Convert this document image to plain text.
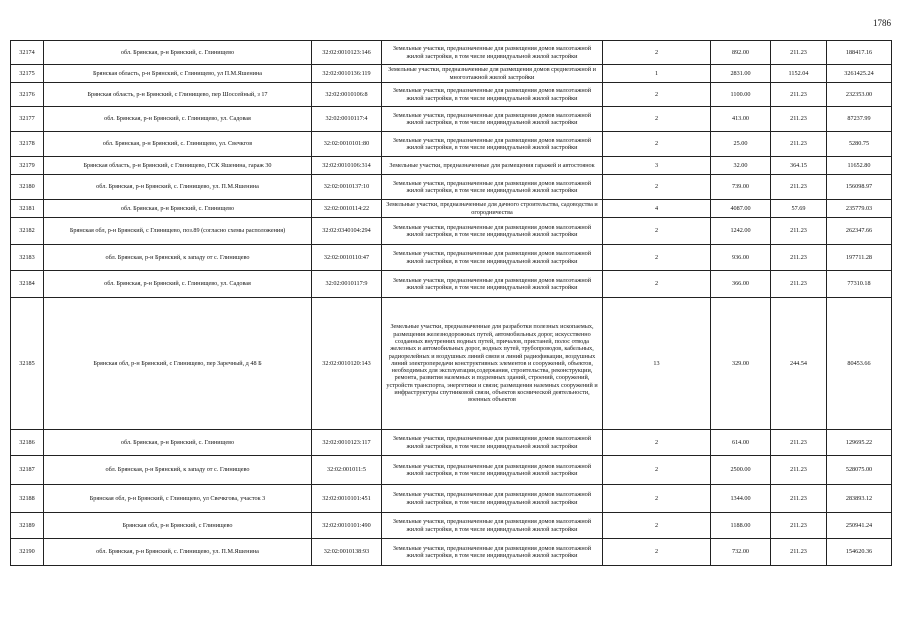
1786
32174	обл. Брянская, р-н Брянский, с. Глинищево	32:02:0010123:146	Земельные участки, предназначенные для размещения домов малоэтажной жилой застройки, в том числе индивидуальной жилой застройки	2	892.00	211.23	188417.16
32175	Брянская область, р-н Брянский, с Глинищево, ул П.М.Яшенина	32:02:0010136:119	Земельные участки, предназначенные для размещения домов среднеэтажной и многоэтажной жилой застройки	1	2831.00	1152.04	3261425.24
32176	Брянская область, р-н Брянский, с Глинищево, пер Шоссейный, з 17	32:02:0010106:8	Земельные участки, предназначенные для размещения домов малоэтажной жилой застройки, в том числе индивидуальной жилой застройки	2	1100.00	211.23	232353.00
32177	обл. Брянская, р-н Брянский, с. Глинищево, ул. Садовая	32:02:0010117:4	Земельные участки, предназначенные для размещения домов малоэтажной жилой застройки, в том числе индивидуальной жилой застройки	2	413.00	211.23	87237.99
32178	обл. Брянская, р-н Брянский, с. Глинищево, ул. Свечкгов	32:02:0010101:80	Земельные участки, предназначенные для размещения домов малоэтажной жилой застройки, в том числе индивидуальной жилой застройки	2	25.00	211.23	5280.75
32179	Брянская область, р-н Брянский, с Глинищево, ГСК Яшенина, гараж 30	32:02:0010106:314	Земельные участки, предназначенные для размещения гаражей и автостоянок	3	32.00	364.15	11652.80
32180	обл. Брянская, р-н Брянский, с. Глинищево, ул. П.М.Яшенина	32:02:0010137:10	Земельные участки, предназначенные для размещения домов малоэтажной жилой застройки, в том числе индивидуальной жилой застройки	2	739.00	211.23	156098.97
32181	обл. Брянская, р-н Брянский, с. Глинищево	32:02:0010114:22	Земельные участки, предназначенные для дачного строительства, садоводства и огородничества	4	4087.00	57.69	235779.03
32182	Брянская обл, р-н Брянский, с Глинищево, поз.89 (согласно схемы расположения)	32:02:0340104:294	Земельные участки, предназначенные для размещения домов малоэтажной жилой застройки, в том числе индивидуальной жилой застройки	2	1242.00	211.23	262347.66
32183	обл. Брянская, р-н Брянский, к западу от с. Глинищево	32:02:0010110:47	Земельные участки, предназначенные для размещения домов малоэтажной жилой застройки, в том числе индивидуальной жилой застройки	2	936.00	211.23	197711.28
32184	обл. Брянская, р-н Брянский, с. Глинищево, ул. Садовая	32:02:0010117:9	Земельные участки, предназначенные для размещения домов малоэтажной жилой застройки, в том числе индивидуальной жилой застройки	2	366.00	211.23	77310.18
32185	Брянская обл, р-н Брянский, с Глинищево, пер Заречный, д 48 Б	32:02:0010120:143	Земельные участки, предназначенные для разработки полезных ископаемых, размещения железнодорожных путей, автомобильных дорог, искусственно созданных внутренних водных путей, причалов, пристаней, полос отвода железных и автомобильных дорог, водных путей, трубопроводов, кабельных, радиорелейных и воздушных линий связи и линий радиофикации, воздушных линий электропередачи конструктивных элементов и сооружений, объектов, необходимых для эксплуатации,содержания, строительства, реконструкции, ремонта, развития наземных и подземных зданий, строений, сооружений, устройств транспорта, энергетики и связи; размещения наземных сооружений и инфраструктуры спутниковой связи, объектов космической деятельности, военных объектов	13	329.00	244.54	80453.66
32186	обл. Брянская, р-н Брянский, с. Глинищево	32:02:0010123:117	Земельные участки, предназначенные для размещения домов малоэтажной жилой застройки, в том числе индивидуальной жилой застройки	2	614.00	211.23	129695.22
32187	обл. Брянская, р-н Брянский, к западу от с. Глинищево	32:02:001011:5	Земельные участки, предназначенные для размещения домов малоэтажной жилой застройки, в том числе индивидуальной жилой застройки	2	2500.00	211.23	528075.00
32188	Брянская обл, р-н Брянский, с Глинищево, ул Свечкгова, участок 3	32:02:0010101:451	Земельные участки, предназначенные для размещения домов малоэтажной жилой застройки, в том числе индивидуальной жилой застройки	2	1344.00	211.23	283893.12
32189	Брянская обл, р-н Брянский, с Глинищево	32:02:0010101:490	Земельные участки, предназначенные для размещения домов малоэтажной жилой застройки, в том числе индивидуальной жилой застройки	2	1188.00	211.23	250941.24
32190	обл. Брянская, р-н Брянский, с. Глинищево, ул. П.М.Яшенина	32:02:0010138:93	Земельные участки, предназначенные для размещения домов малоэтажной жилой застройки, в том числе индивидуальной жилой застройки	2	732.00	211.23	154620.36
